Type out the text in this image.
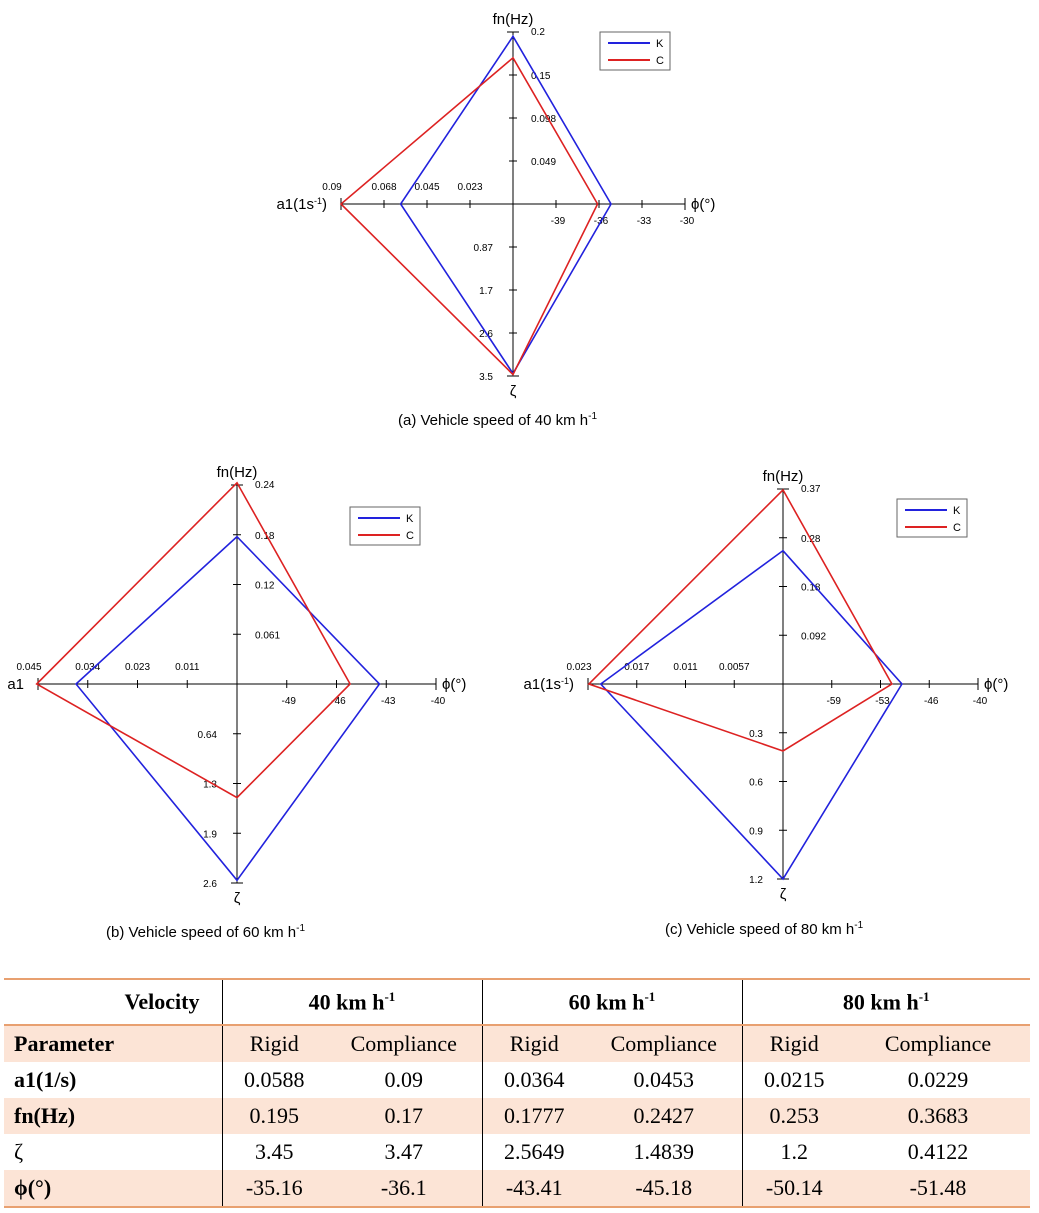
0.2
0.15
0.098
0.049
0.87
1.7
2.6
3.5
0.09	0.068 0.045 0.023
-39	-36	-33	-30
fn(Hz)
ζ
ϕ(°)
$a1(1s^{-1})$
K
C
(a) Vehicle speed of 40 km $h^{-1}$
0.24
0.18
0.12
0.061
0.64
1.3
1.9
2.6
0.045	0.034 0.023	0.011
-49	-46	-43	-40
fn(Hz)
ζ
ϕ(°)
a1
K
C
(b) Vehicle speed of 60 km $h^{-1}$
0.37
0.28
0.18
0.092
0.3
0.6
0.9
1.2
0.023	0.017 0.011 0.0057
-59	-53	-46	-40
fn(Hz)
ζ
ϕ(°)
$a1(1s^{-1})$
K
C
(c) Vehicle speed of 80 km $h^{-1}$
Velocity	40 km $h^{-1}$		60 km $h^{-1}$		80 km $h^{-1}$
Parameter	Rigid	Compliance	Rigid	Compliance	Rigid	Compliance
a1(1/s)	0.0588	0.09	0.0364	0.0453	0.0215	0.0229
fn(Hz)	0.195	0.17	0.1777	0.2427	0.253	0.3683
ζ	3.45	3.47	2.5649	1.4839	1.2	0.4122
ϕ(°)	-35.16	-36.1	-43.41	-45.18	-50.14	-51.48
